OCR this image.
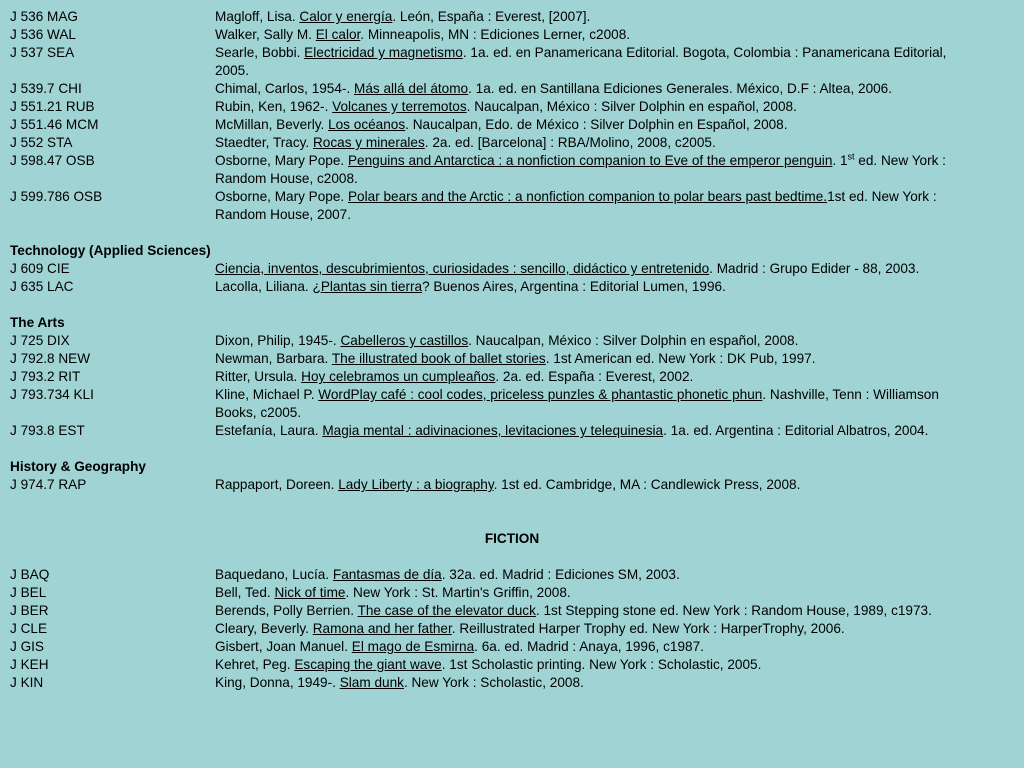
J 536 MAG	Magloff, Lisa. Calor y energía. León, España : Everest, [2007].
J 536 WAL	Walker, Sally M. El calor. Minneapolis, MN : Ediciones Lerner, c2008.
J 537 SEA	Searle, Bobbi. Electricidad y magnetismo. 1a. ed. en Panamericana Editorial. Bogota, Colombia : Panamericana Editorial, 2005.
J 539.7 CHI	Chimal, Carlos, 1954-. Más allá del átomo. 1a. ed. en Santillana Ediciones Generales. México, D.F : Altea, 2006.
J 551.21 RUB	Rubin, Ken, 1962-. Volcanes y terremotos. Naucalpan, México : Silver Dolphin en español, 2008.
J 551.46 MCM	McMillan, Beverly. Los océanos. Naucalpan, Edo. de México : Silver Dolphin en Español, 2008.
J 552 STA	Staedter, Tracy. Rocas y minerales. 2a. ed. [Barcelona] : RBA/Molino, 2008, c2005.
J 598.47 OSB	Osborne, Mary Pope. Penguins and Antarctica : a nonfiction companion to Eve of the emperor penguin. 1st ed. New York : Random House, c2008.
J 599.786 OSB	Osborne, Mary Pope. Polar bears and the Arctic : a nonfiction companion to polar bears past bedtime.1st ed. New York : Random House, 2007.
Technology (Applied Sciences)
J 609 CIE	Ciencia, inventos, descubrimientos, curiosidades : sencillo, didáctico y entretenido. Madrid : Grupo Edider - 88, 2003.
J 635 LAC	Lacolla, Liliana. ¿Plantas sin tierra? Buenos Aires, Argentina : Editorial Lumen, 1996.
The Arts
J 725 DIX	Dixon, Philip, 1945-. Cabelleros y castillos. Naucalpan, México : Silver Dolphin en español, 2008.
J 792.8 NEW	Newman, Barbara. The illustrated book of ballet stories. 1st American ed. New York : DK Pub, 1997.
J 793.2 RIT	Ritter, Ursula. Hoy celebramos un cumpleaños. 2a. ed. España : Everest, 2002.
J 793.734 KLI	Kline, Michael P. WordPlay café : cool codes, priceless punzles & phantastic phonetic phun. Nashville, Tenn : Williamson Books, c2005.
J 793.8 EST	Estefanía, Laura. Magia mental : adivinaciones, levitaciones y telequinesia. 1a. ed. Argentina : Editorial Albatros, 2004.
History & Geography
J 974.7 RAP	Rappaport, Doreen. Lady Liberty : a biography. 1st ed. Cambridge, MA : Candlewick Press, 2008.
FICTION
J BAQ	Baquedano, Lucía. Fantasmas de día. 32a. ed. Madrid : Ediciones SM, 2003.
J BEL	Bell, Ted. Nick of time. New York : St. Martin's Griffin, 2008.
J BER	Berends, Polly Berrien. The case of the elevator duck. 1st Stepping stone ed. New York : Random House, 1989, c1973.
J CLE	Cleary, Beverly. Ramona and her father. Reillustrated Harper Trophy ed. New York : HarperTrophy, 2006.
J GIS	Gisbert, Joan Manuel. El mago de Esmirna. 6a. ed. Madrid : Anaya, 1996, c1987.
J KEH	Kehret, Peg. Escaping the giant wave. 1st Scholastic printing. New York : Scholastic, 2005.
J KIN	King, Donna, 1949-. Slam dunk. New York : Scholastic, 2008.
